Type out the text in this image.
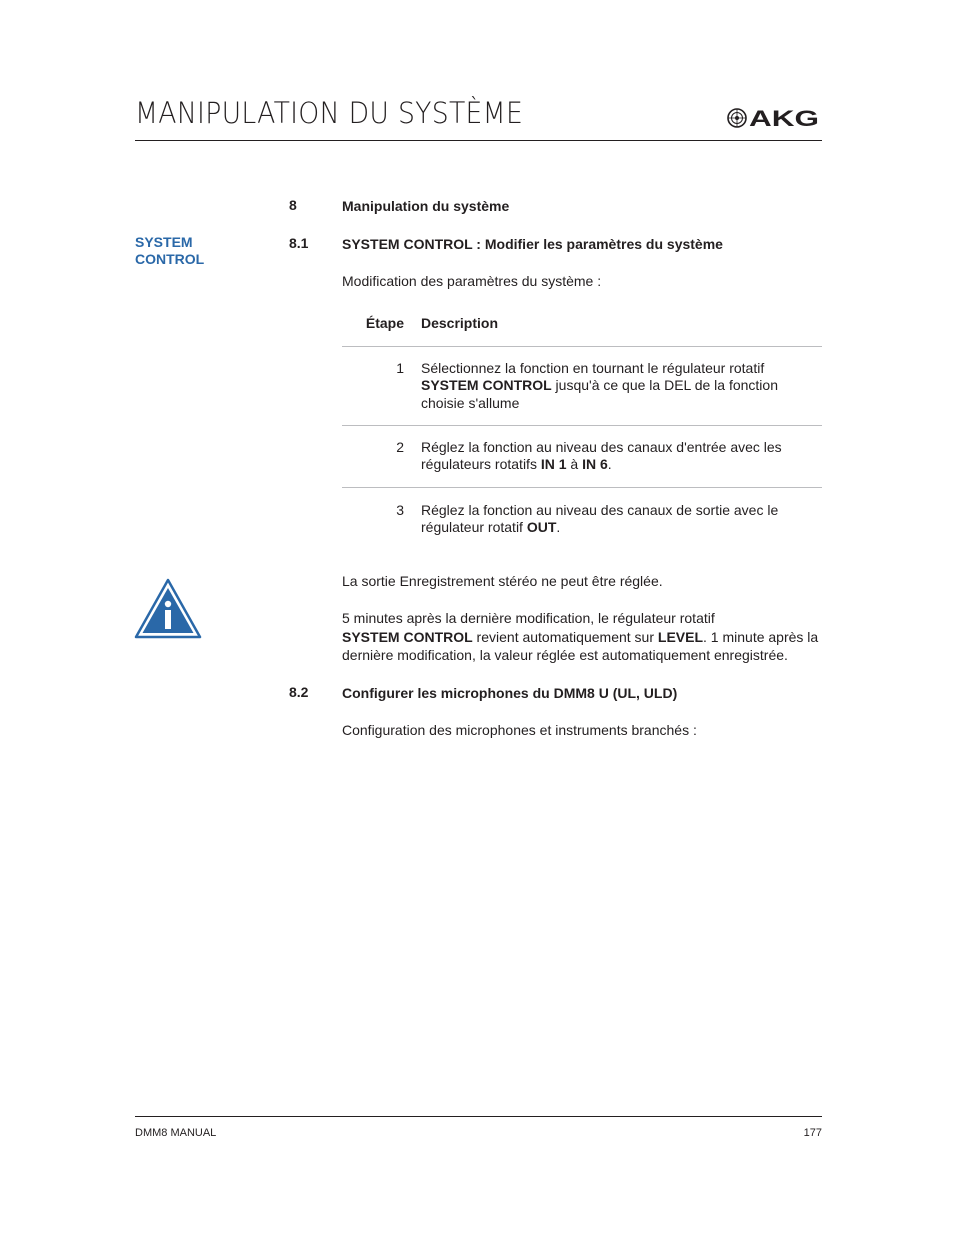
MANIPULATION DU SYSTÈME	AKG
8	Manipulation du système
SYSTEM
CONTROL
8.1 SYSTEM CONTROL : Modifier les paramètres du système
Modification des paramètres du système :
Étape Description
1 Sélectionnez la fonction en tournant le régulateur rotatif
SYSTEM CONTROL jusqu'à ce que la DEL de la fonction
choisie s'allume
2 Réglez la fonction au niveau des canaux d'entrée avec les
régulateurs rotatifs IN 1 à IN 6.
3 Réglez la fonction au niveau des canaux de sortie avec le
régulateur rotatif OUT.
La sortie Enregistrement stéréo ne peut être réglée.
5 minutes après la dernière modification, le régulateur rotatif
SYSTEM CONTROL revient automatiquement sur LEVEL. 1 minute après la
dernière modification, la valeur réglée est automatiquement enregistrée.
8.2 Configurer les microphones du DMM8 U (UL, ULD)
Configuration des microphones et instruments branchés :
DMM8 MANUAL	177
